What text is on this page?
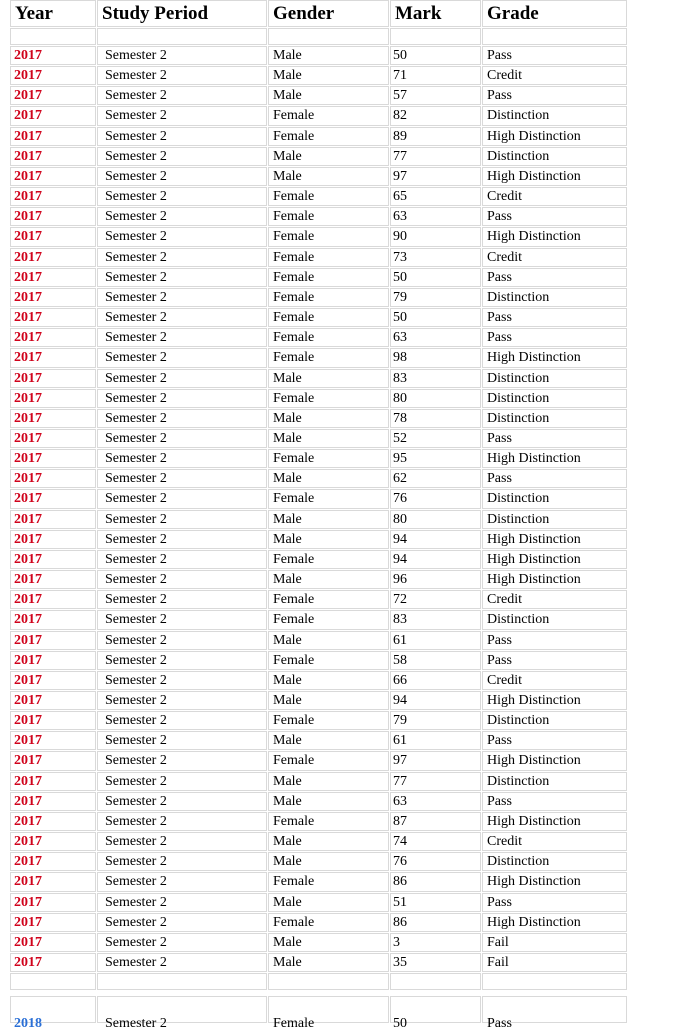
Year	Study Period	Gender	Mark	Grade
2017	Semester 2	Male	50	Pass
2017	Semester 2	Male	71	Credit
2017	Semester 2	Male	57	Pass
2017	Semester 2	Female	82	Distinction
2017	Semester 2	Female	89	High Distinction
2017	Semester 2	Male	77	Distinction
2017	Semester 2	Male	97	High Distinction
2017	Semester 2	Female	65	Credit
2017	Semester 2	Female	63	Pass
2017	Semester 2	Female	90	High Distinction
2017	Semester 2	Female	73	Credit
2017	Semester 2	Female	50	Pass
2017	Semester 2	Female	79	Distinction
2017	Semester 2	Female	50	Pass
2017	Semester 2	Female	63	Pass
2017	Semester 2	Female	98	High Distinction
2017	Semester 2	Male	83	Distinction
2017	Semester 2	Female	80	Distinction
2017	Semester 2	Male	78	Distinction
2017	Semester 2	Male	52	Pass
2017	Semester 2	Female	95	High Distinction
2017	Semester 2	Male	62	Pass
2017	Semester 2	Female	76	Distinction
2017	Semester 2	Male	80	Distinction
2017	Semester 2	Male	94	High Distinction
2017	Semester 2	Female	94	High Distinction
2017	Semester 2	Male	96	High Distinction
2017	Semester 2	Female	72	Credit
2017	Semester 2	Female	83	Distinction
2017	Semester 2	Male	61	Pass
2017	Semester 2	Female	58	Pass
2017	Semester 2	Male	66	Credit
2017	Semester 2	Male	94	High Distinction
2017	Semester 2	Female	79	Distinction
2017	Semester 2	Male	61	Pass
2017	Semester 2	Female	97	High Distinction
2017	Semester 2	Male	77	Distinction
2017	Semester 2	Male	63	Pass
2017	Semester 2	Female	87	High Distinction
2017	Semester 2	Male	74	Credit
2017	Semester 2	Male	76	Distinction
2017	Semester 2	Female	86	High Distinction
2017	Semester 2	Male	51	Pass
2017	Semester 2	Female	86	High Distinction
2017	Semester 2	Male	3	Fail
2017	Semester 2	Male	35	Fail
2018	Semester 2	Female	50	Pass
